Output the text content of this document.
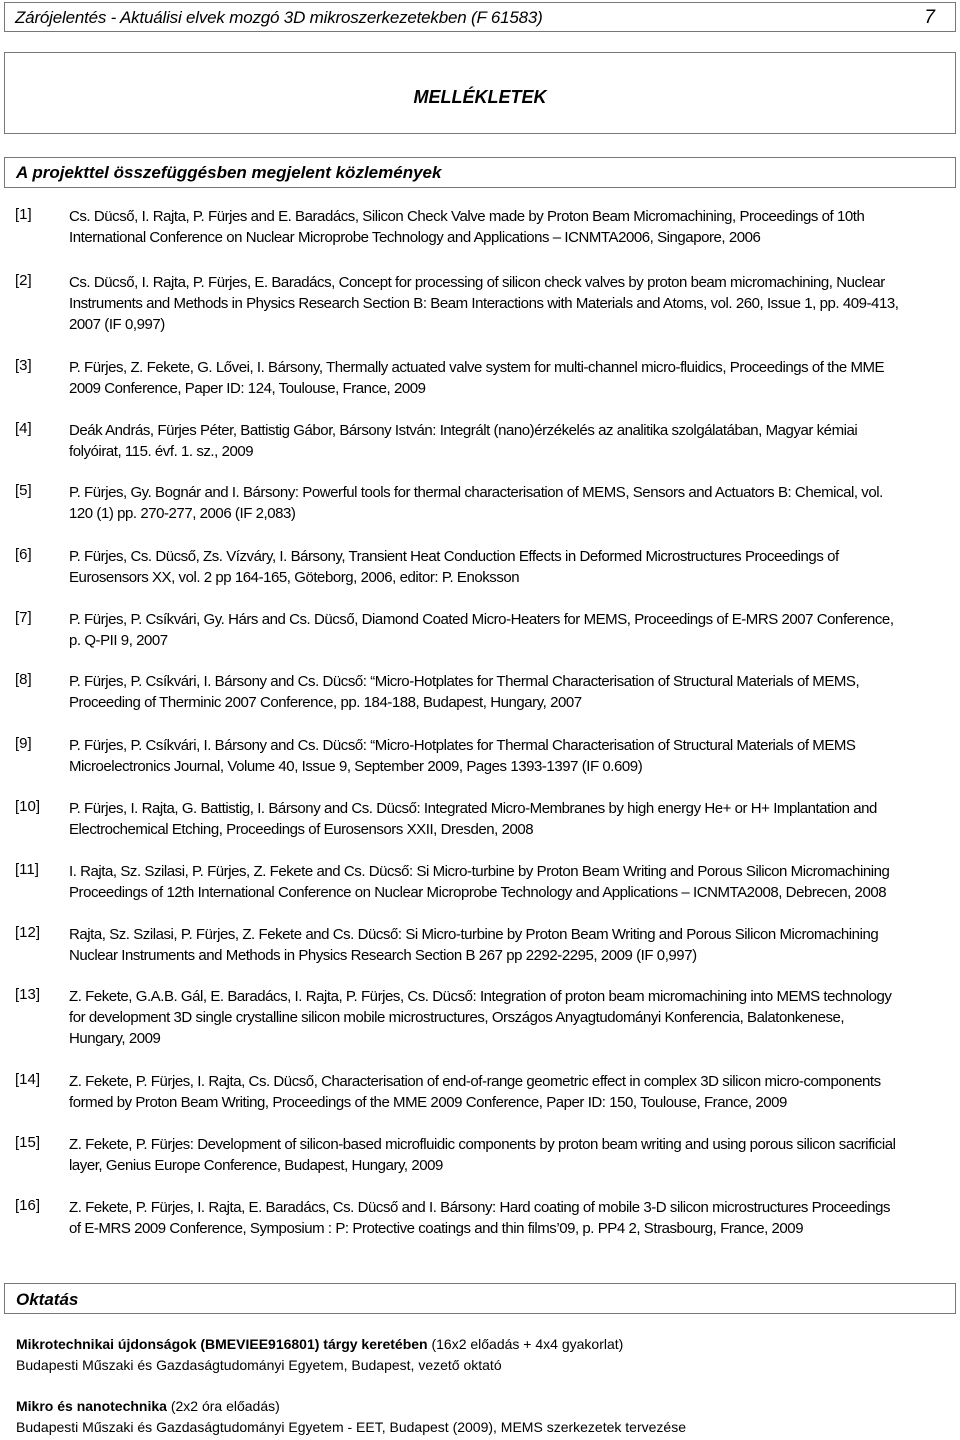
Zárójelentés - Aktuálisi elvek mozgó 3D mikroszerkezetekben (F 61583)	7
MELLÉKLETEK
A projekttel összefüggésben megjelent közlemények
[1] Cs. Dücső, I. Rajta, P. Fürjes and E. Baradács, Silicon Check Valve made by Proton Beam Micromachining, Proceedings of 10th
International Conference on Nuclear Microprobe Technology and Applications – ICNMTA2006, Singapore, 2006
[2] Cs. Dücső, I. Rajta, P. Fürjes, E. Baradács, Concept for processing of silicon check valves by proton beam micromachining, Nuclear
Instruments and Methods in Physics Research Section B: Beam Interactions with Materials and Atoms, vol. 260, Issue 1, pp. 409-413,
2007 (IF 0,997)
[3] P. Fürjes, Z. Fekete, G. Lővei, I. Bársony, Thermally actuated valve system for multi-channel micro-fluidics, Proceedings of the MME
2009 Conference, Paper ID: 124, Toulouse, France, 2009
[4] Deák András, Fürjes Péter, Battistig Gábor, Bársony István: Integrált (nano)érzékelés az analitika szolgálatában, Magyar kémiai
folyóirat, 115. évf. 1. sz., 2009
[5] P. Fürjes, Gy. Bognár and I. Bársony: Powerful tools for thermal characterisation of MEMS, Sensors and Actuators B: Chemical, vol.
120 (1) pp. 270-277, 2006 (IF 2,083)
[6] P. Fürjes, Cs. Dücső, Zs. Vízváry, I. Bársony, Transient Heat Conduction Effects in Deformed Microstructures Proceedings of
Eurosensors XX, vol. 2 pp 164-165, Göteborg, 2006, editor: P. Enoksson
[7] P. Fürjes, P. Csíkvári, Gy. Hárs and Cs. Dücső, Diamond Coated Micro-Heaters for MEMS, Proceedings of E-MRS 2007 Conference,
p. Q-PII 9, 2007
[8] P. Fürjes, P. Csíkvári, I. Bársony and Cs. Dücső: “Micro-Hotplates for Thermal Characterisation of Structural Materials of MEMS,
Proceeding of Therminic 2007 Conference, pp. 184-188, Budapest, Hungary, 2007
[9] P. Fürjes, P. Csíkvári, I. Bársony and Cs. Dücső: “Micro-Hotplates for Thermal Characterisation of Structural Materials of MEMS
Microelectronics Journal, Volume 40, Issue 9, September 2009, Pages 1393-1397 (IF 0.609)
[10] P. Fürjes, I. Rajta, G. Battistig, I. Bársony and Cs. Dücső: Integrated Micro-Membranes by high energy He+ or H+ Implantation and
Electrochemical Etching, Proceedings of Eurosensors XXII, Dresden, 2008
[11] I. Rajta, Sz. Szilasi, P. Fürjes, Z. Fekete and Cs. Dücső: Si Micro-turbine by Proton Beam Writing and Porous Silicon Micromachining
Proceedings of 12th International Conference on Nuclear Microprobe Technology and Applications – ICNMTA2008, Debrecen, 2008
[12] Rajta, Sz. Szilasi, P. Fürjes, Z. Fekete and Cs. Dücső: Si Micro-turbine by Proton Beam Writing and Porous Silicon Micromachining
Nuclear Instruments and Methods in Physics Research Section B 267 pp 2292-2295, 2009 (IF 0,997)
[13] Z. Fekete, G.A.B. Gál, E. Baradács, I. Rajta, P. Fürjes, Cs. Dücső: Integration of proton beam micromachining into MEMS technology
for development 3D single crystalline silicon mobile microstructures, Országos Anyagtudományi Konferencia, Balatonkenese,
Hungary, 2009
[14] Z. Fekete, P. Fürjes, I. Rajta, Cs. Dücső, Characterisation of end-of-range geometric effect in complex 3D silicon micro-components
formed by Proton Beam Writing, Proceedings of the MME 2009 Conference, Paper ID: 150, Toulouse, France, 2009
[15] Z. Fekete, P. Fürjes: Development of silicon-based microfluidic components by proton beam writing and using porous silicon sacrificial
layer, Genius Europe Conference, Budapest, Hungary, 2009
[16] Z. Fekete, P. Fürjes, I. Rajta, E. Baradács, Cs. Dücső and I. Bársony: Hard coating of mobile 3-D silicon microstructures Proceedings
of E-MRS 2009 Conference, Symposium : P: Protective coatings and thin films’09, p. PP4 2, Strasbourg, France, 2009
Oktatás
Mikrotechnikai újdonságok (BMEVIEE916801) tárgy keretében (16x2 előadás + 4x4 gyakorlat)
Budapesti Műszaki és Gazdaságtudományi Egyetem, Budapest, vezető oktató
Mikro és nanotechnika (2x2 óra előadás)
Budapesti Műszaki és Gazdaságtudományi Egyetem - EET, Budapest (2009), MEMS szerkezetek tervezése
